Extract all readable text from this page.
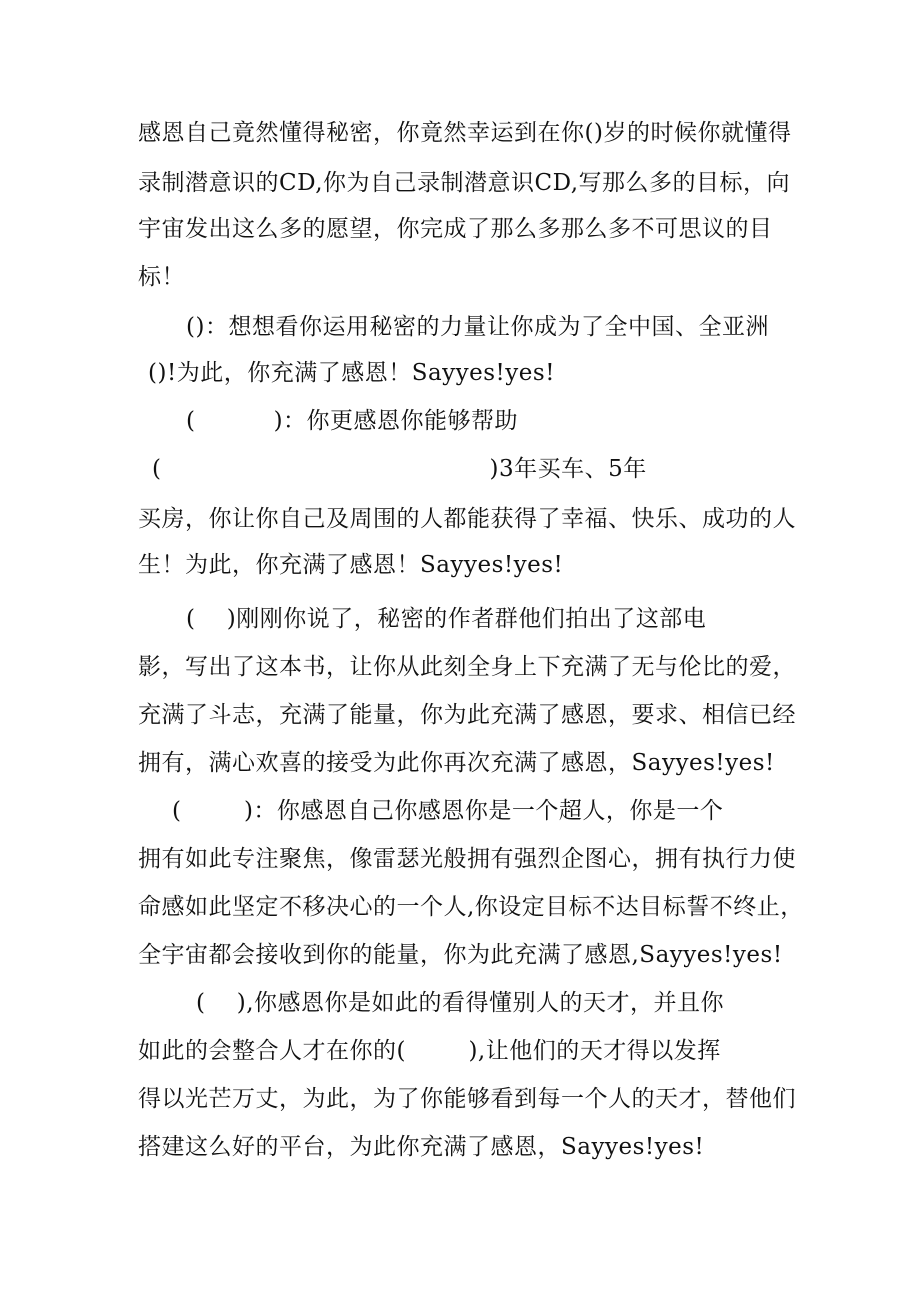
感恩自己竟然懂得秘密，你竟然幸运到在你()岁的时候你就懂得
录制潜意识的CD,你为自己录制潜意识CD,写那么多的目标，向
宇宙发出这么多的愿望，你完成了那么多那么多不可思议的目
标！
()：想想看你运用秘密的力量让你成为了全中国、全亚洲
()!为此，你充满了感恩！Sayyes!yes!
(          )：你更感恩你能够帮助
(                                          )3年买车、5年
买房，你让你自己及周围的人都能获得了幸福、快乐、成功的人
生！为此，你充满了感恩！Sayyes!yes!
(    )刚刚你说了，秘密的作者群他们拍出了这部电
影，写出了这本书，让你从此刻全身上下充满了无与伦比的爱，
充满了斗志，充满了能量，你为此充满了感恩，要求、相信已经
拥有，满心欢喜的接受为此你再次充满了感恩，Sayyes!yes!
(        )：你感恩自己你感恩你是一个超人，你是一个
拥有如此专注聚焦，像雷瑟光般拥有强烈企图心，拥有执行力使
命感如此坚定不移决心的一个人,你设定目标不达目标誓不终止，
全宇宙都会接收到你的能量，你为此充满了感恩,Sayyes!yes!
(    ),你感恩你是如此的看得懂别人的天才，并且你
如此的会整合人才在你的(        ),让他们的天才得以发挥
得以光芒万丈，为此，为了你能够看到每一个人的天才，替他们
搭建这么好的平台，为此你充满了感恩，Sayyes!yes!
